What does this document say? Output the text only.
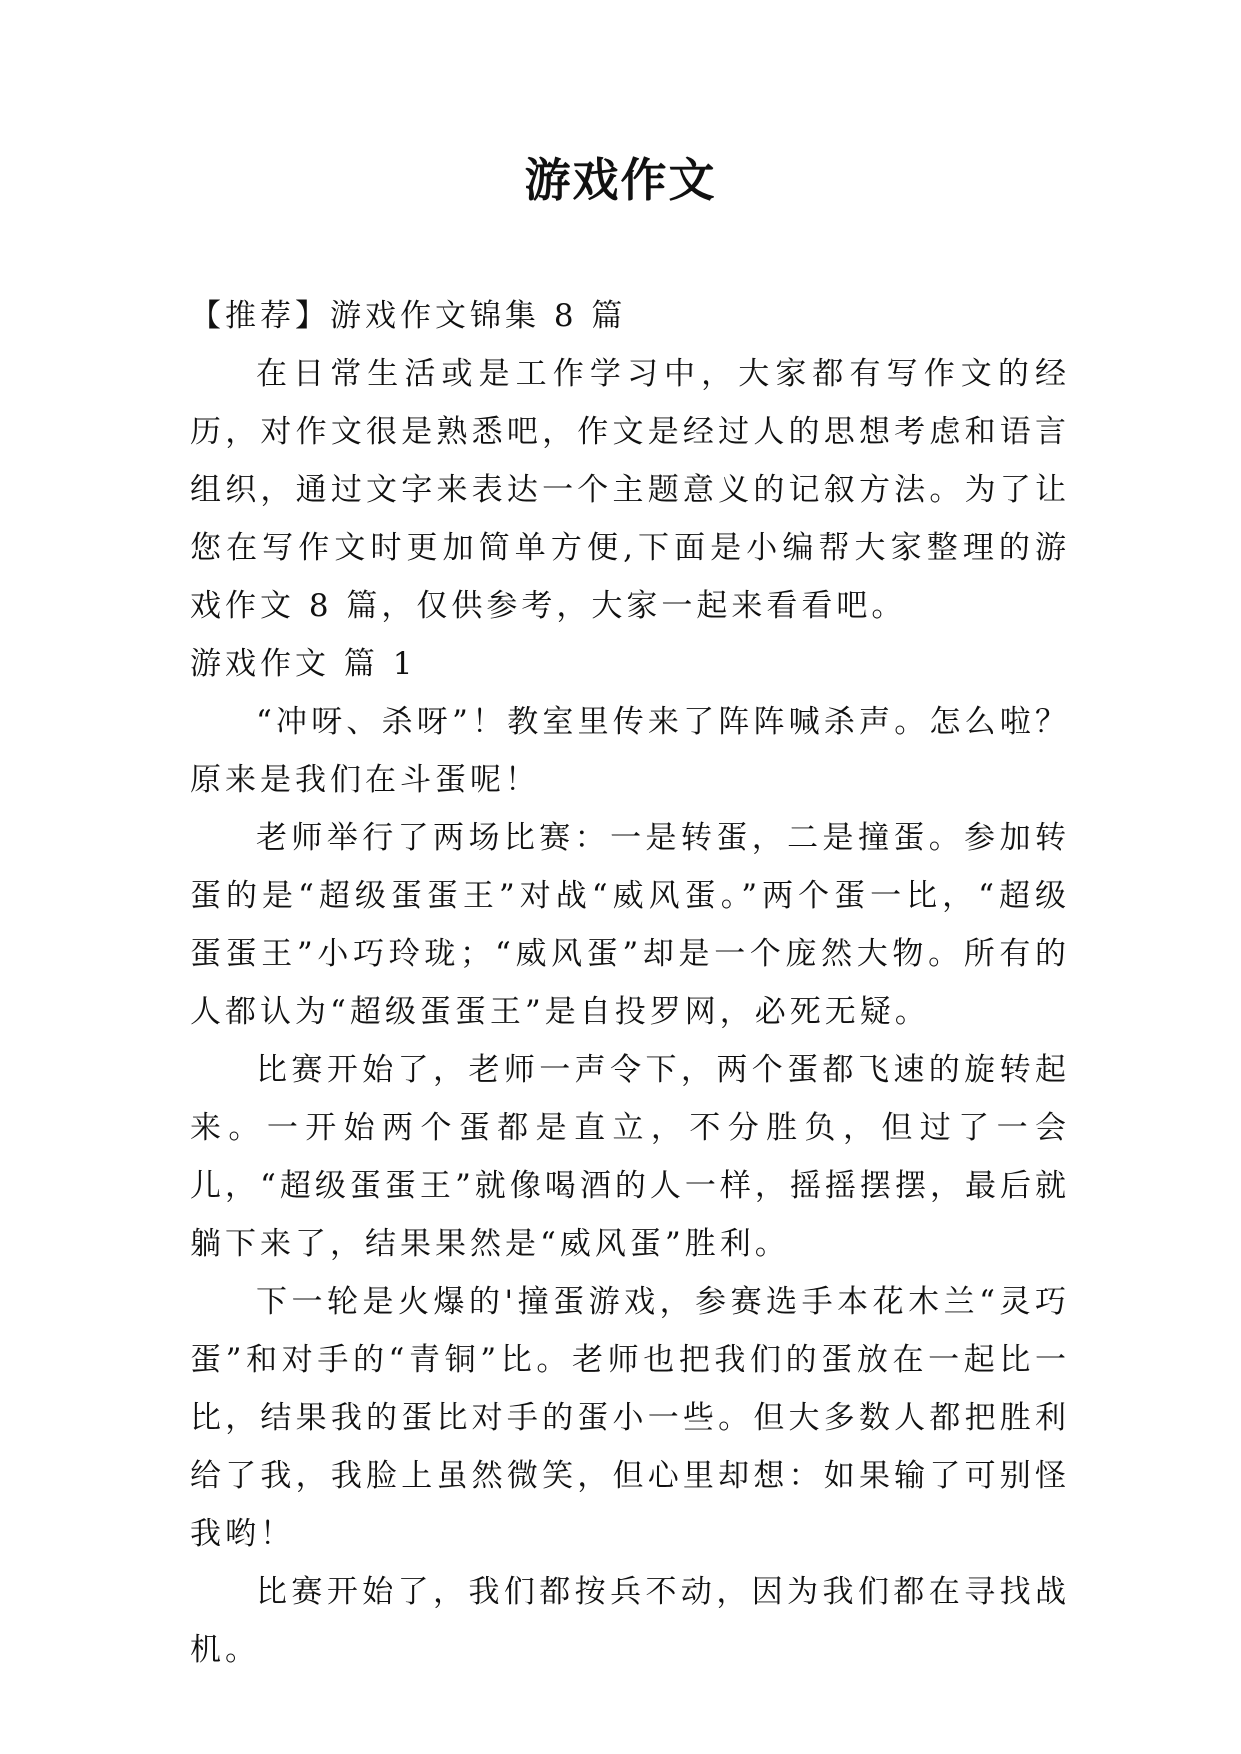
游戏作文

【推荐】游戏作文锦集 8 篇

在日常生活或是工作学习中，大家都有写作文的经历，对作文很是熟悉吧，作文是经过人的思想考虑和语言组织，通过文字来表达一个主题意义的记叙方法。为了让您在写作文时更加简单方便,下面是小编帮大家整理的游戏作文 8 篇，仅供参考，大家一起来看看吧。

游戏作文 篇 1

“冲呀、杀呀”！教室里传来了阵阵喊杀声。怎么啦？原来是我们在斗蛋呢！

老师举行了两场比赛：一是转蛋，二是撞蛋。参加转蛋的是“超级蛋蛋王”对战“威风蛋。”两个蛋一比，“超级蛋蛋王”小巧玲珑；“威风蛋”却是一个庞然大物。所有的人都认为“超级蛋蛋王”是自投罗网，必死无疑。

比赛开始了，老师一声令下，两个蛋都飞速的旋转起来。一开始两个蛋都是直立，不分胜负，但过了一会儿，“超级蛋蛋王”就像喝酒的人一样，摇摇摆摆，最后就躺下来了，结果果然是“威风蛋”胜利。

下一轮是火爆的'撞蛋游戏，参赛选手本花木兰“灵巧蛋”和对手的“青铜”比。老师也把我们的蛋放在一起比一比，结果我的蛋比对手的蛋小一些。但大多数人都把胜利给了我，我脸上虽然微笑，但心里却想：如果输了可别怪我哟！

比赛开始了，我们都按兵不动，因为我们都在寻找战机。
